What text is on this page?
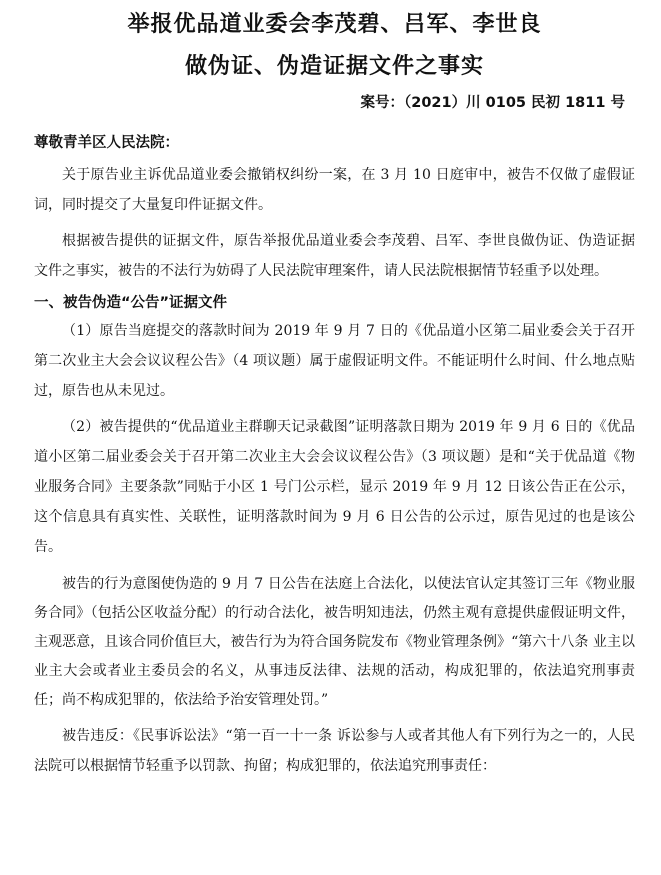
举报优品道业委会李茂碧、吕军、李世良
做伪证、伪造证据文件之事实
案号：（2021）川 0105 民初 1811 号
尊敬青羊区人民法院：

关于原告业主诉优品道业委会撤销权纠纷一案，在 3 月 10 日庭审中，被告不仅做了虚假证词，同时提交了大量复印件证据文件。

根据被告提供的证据文件，原告举报优品道业委会李茂碧、吕军、李世良做伪证、伪造证据文件之事实，被告的不法行为妨碍了人民法院审理案件，请人民法院根据情节轻重予以处理。

一、被告伪造“公告”证据文件

（1）原告当庭提交的落款时间为 2019 年 9 月 7 日的《优品道小区第二届业委会关于召开第二次业主大会会议议程公告》（4 项议题）属于虚假证明文件。不能证明什么时间、什么地点贴过，原告也从未见过。

（2）被告提供的“优品道业主群聊天记录截图”证明落款日期为 2019 年 9 月 6 日的《优品道小区第二届业委会关于召开第二次业主大会会议议程公告》（3 项议题）是和“关于优品道《物业服务合同》主要条款”同贴于小区 1 号门公示栏，显示 2019 年 9 月 12 日该公告正在公示，这个信息具有真实性、关联性，证明落款时间为 9 月 6 日公告的公示过，原告见过的也是该公告。

被告的行为意图使伪造的 9 月 7 日公告在法庭上合法化，以使法官认定其签订三年《物业服务合同》（包括公区收益分配）的行动合法化，被告明知违法，仍然主观有意提供虚假证明文件，主观恶意，且该合同价值巨大，被告行为为符合国务院发布《物业管理条例》“第六十八条 业主以业主大会或者业主委员会的名义，从事违反法律、法规的活动，构成犯罪的，依法追究刑事责任；尚不构成犯罪的，依法给予治安管理处罚。”

被告违反：《民事诉讼法》“第一百一十一条 诉讼参与人或者其他人有下列行为之一的，人民法院可以根据情节轻重予以罚款、拘留；构成犯罪的，依法追究刑事责任：
